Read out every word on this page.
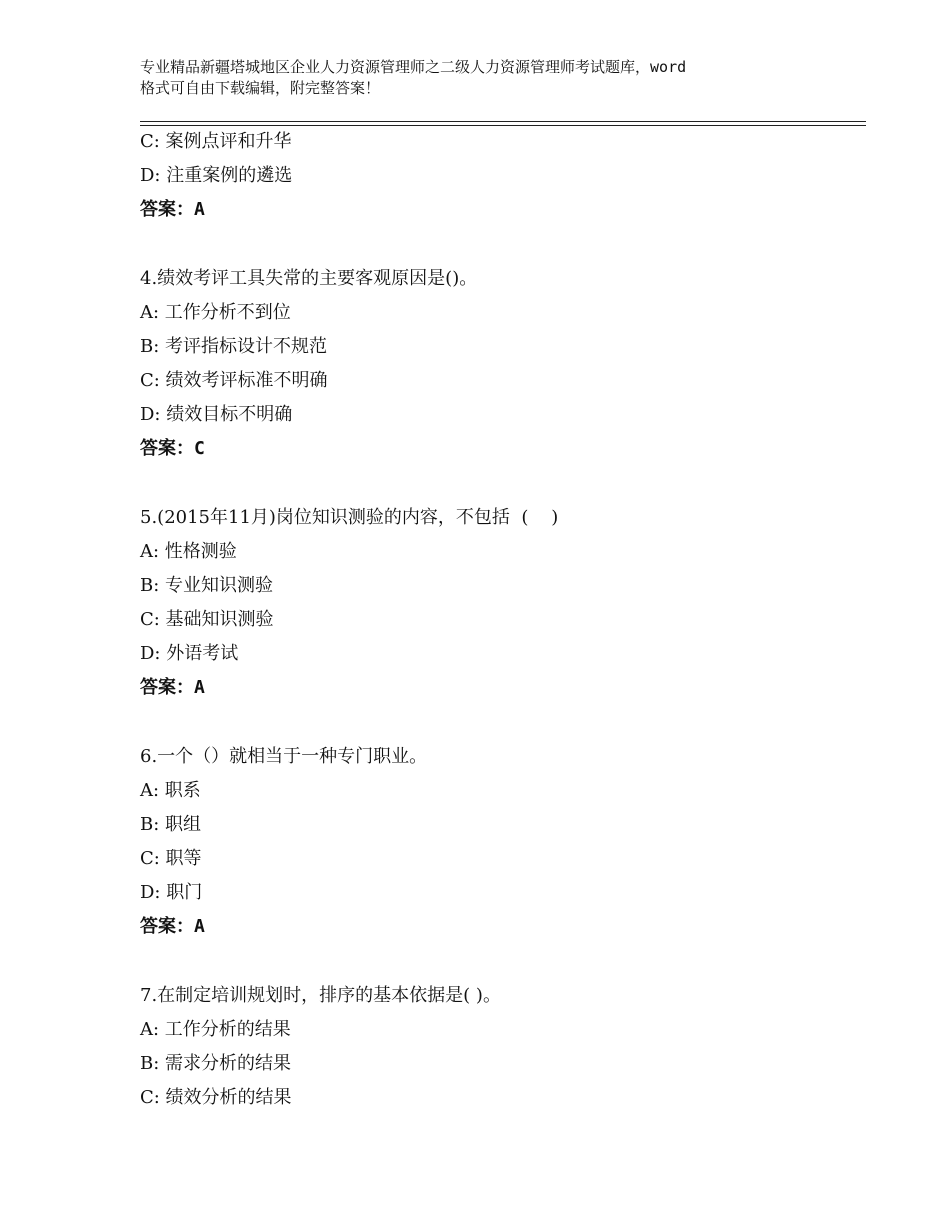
专业精品新疆塔城地区企业人力资源管理师之二级人力资源管理师考试题库，word
格式可自由下载编辑，附完整答案！
C: 案例点评和升华
D: 注重案例的遴选
答案：A
4.绩效考评工具失常的主要客观原因是()。
A: 工作分析不到位
B: 考评指标设计不规范
C: 绩效考评标准不明确
D: 绩效目标不明确
答案：C
5.(2015年11月)岗位知识测验的内容，不包括  (    )
A: 性格测验
B: 专业知识测验
C: 基础知识测验
D: 外语考试
答案：A
6.一个（）就相当于一种专门职业。
A: 职系
B: 职组
C: 职等
D: 职门
答案：A
7.在制定培训规划时，排序的基本依据是( )。
A: 工作分析的结果
B: 需求分析的结果
C: 绩效分析的结果
